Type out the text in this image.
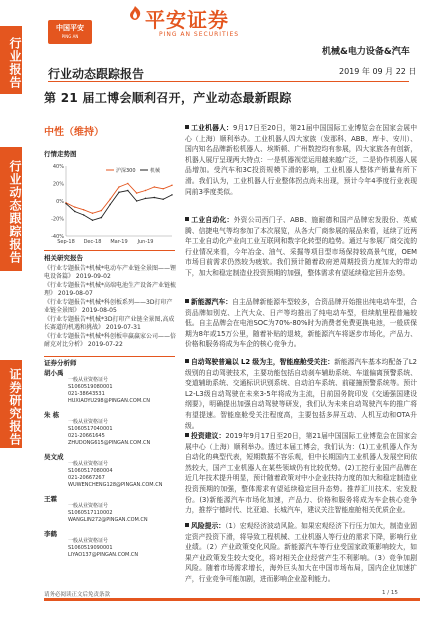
行业报告
行业动态跟踪报告
证券研究报告
中国平安
PING AN
平安证券
PING AN SECURITIES
机械&电力设备&汽车
行业动态跟踪报告	2019 年 09 月 22 日
第 21 届工博会顺利召开，产业动态最新跟踪
中性（维持）
行情走势图
40%
20%
0%
-20%
-40%
Sep-18 Dec-18 Mar-19 Jun-19
沪深300	机械
相关研究报告
《行业专题报告*机械*电动车产业链全景图——锂电设备篇》 2019-09-02
《行业专题报告*机械*高端电池生产设备产业链梳理》 2019-08-07
《行业专题报告*机械*科创板系列——3D打印产业链全景图》 2019-08-05
《行业专题报告*机械*3D打印产业链全景图,高成长赛道的机遇和挑战》 2019-07-31
《行业专题报告*机械*科创板申赢赢家公司——倍耐克对比分析》 2019-07-22
证券分析师
胡小禹
一般从业资格证号
S1060519080001
021-38643531
HUXIAOYU298@PINGAN.COM.CN
朱 栋
一般从业资格证号
S1060517040001
021-20661645
ZHUDONG615@PINGAN.COM.CN
吴文成
一般从业资格证号
S1060517080004
021-20667267
WUWENCHENG128@PINGAN.COM.CN
王霖
一般从业资格证号
S1060517110002
WANGLIN272@PINGAN.COM.CN
李鹤
一般从业资格证号
S1060519090001
LIYAO137@PINGAN.COM.CN
工业机器人：9月17日至20日，第21届中国国际工业博览会在国家会展中心（上海）顺利举办。工业机器人四大家族（发那科、ABB、库卡、安川）、国内知名品牌新松机器人、埃斯顿、广州数控均有参展，四大家族各有创新，机器人展厅呈现两大特点：一是机器视觉运用越来越广泛，二是协作机器人展品增加。受汽车和3C投资规模下滑的影响，工业机器人整体产销量有所下滑。我们认为，工业机器人行业整体拐点尚未出现，预计今年4季度行业表现同前3季度类似。
工业自动化：外资公司西门子、ABB、施耐德和国产品牌宏发股份、英威腾、信捷电气等均参加了本次展览，从各大厂商参展的展品来看，延续了近两年工业自动化产业向工业互联网和数字化转型的趋势。通过与参展厂商交流的行业情况来看，今年冶金、油气、采掘等项目型市场保持较高景气度，OEM市场目前需求仍然较为疲软。我们预计随着政府逆周期投资力度加大的带动下，加大和稳定制造业投资预期的加强，整体需求有望延续稳定回升态势。
新能源汽车：自主品牌新能源车型较多，合资品牌开始推出纯电动车型，合资品牌如别克、上汽大众、日产等均推出了纯电动车型，但续航里程普遍较低。自主品牌会在电池SOC为70%-80%时为消费者免费更换电池，一般质保期为8年或15万公里，随着补贴的退坡，新能源汽车将逐步市场化，产品力、价格和服务将成为车企的核心竞争力。
自动驾驶普遍以 L2 级为主，智能座舱受关注：新能源汽车基本均配备了L2级别的自动驾驶技术，主要功能包括自动刹车辅助系统、车道偏离预警系统、变道辅助系统、交通标识识别系统、自动泊车系统、前碰撞预警系统等。预计L2-L3级自动驾驶在未来3-5年将成为主流，日前国务院印发《交通强国建设纲要》，明确提出加强自动驾驶等研发，我们认为未来自动驾驶汽车的推广将有望提速。智能座舱受关注程度高，主要包括多屏互动、人机互动和OTA升级。
投资建议：2019年9月17日至20日，第21届中国国际工业博览会在国家会展中心（上海）顺利举办。透过本届工博会，我们认为：(1)工业机器人作为自动化的典型代表，短期数据不容乐观，但中长期国内工业机器人发展空间依然较大，国产工业机器人在某些领域仍有比较优势。(2)工控行业国产品牌在近几年技术提升明显，预计随着政策对中小企业扶持力度的加大和稳定制造业投资预期的加强，整体需求有望延续稳定回升态势。推荐汇川技术、宏发股份。(3)新能源汽车市场化加速，产品力、价格和服务将成为车企核心竞争力，推荐宁德时代、比亚迪、长城汽车，建议关注智能座舱相关优质企业。
风险提示：（1）宏观经济波动风险。如果宏观经济下行压力加大，制造业固定资产投资下滑，将导致工程机械、工业机器人等行业的需求下降，影响行业业绩。（2）产业政策变化风险。新能源汽车等行业受国家政策影响较大，如果产业政策发生较大变化，将对相关企业经营产生不利影响。（3）竞争加剧风险。随着市场需求增长，海外巨头加大在中国市场布局，国内企业加速扩产，行业竞争可能加剧，进而影响企业盈利能力。
请务必阅读正文后免责条款	1 / 15
